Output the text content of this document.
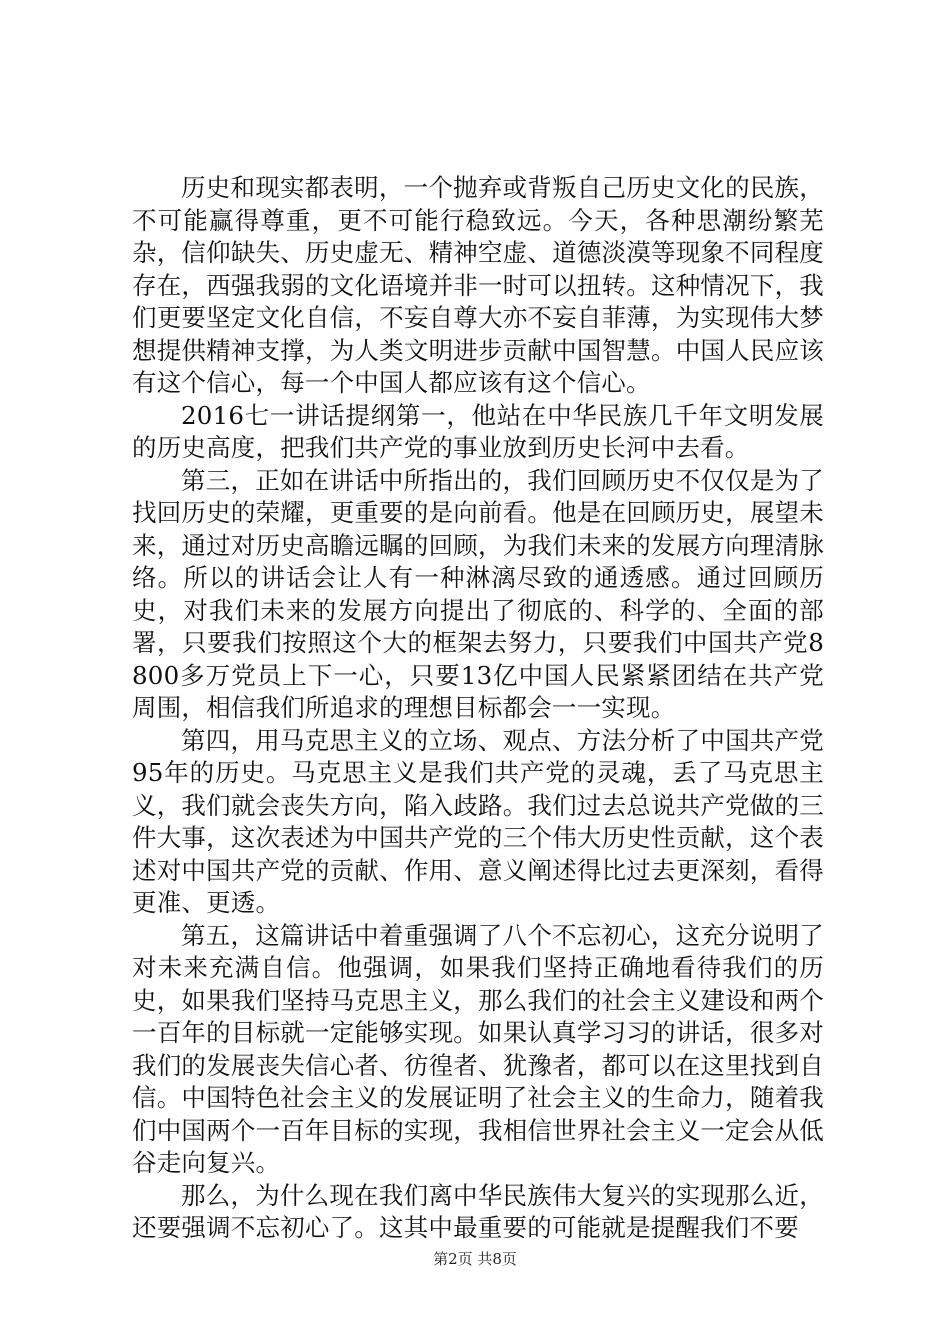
历史和现实都表明，一个抛弃或背叛自己历史文化的民族，不可能赢得尊重，更不可能行稳致远。今天，各种思潮纷繁芜杂，信仰缺失、历史虚无、精神空虚、道德淡漠等现象不同程度存在，西强我弱的文化语境并非一时可以扭转。这种情况下，我们更要坚定文化自信，不妄自尊大亦不妄自菲薄，为实现伟大梦想提供精神支撑，为人类文明进步贡献中国智慧。中国人民应该有这个信心，每一个中国人都应该有这个信心。

2016七一讲话提纲第一，他站在中华民族几千年文明发展的历史高度，把我们共产党的事业放到历史长河中去看。

第三，正如在讲话中所指出的，我们回顾历史不仅仅是为了找回历史的荣耀，更重要的是向前看。他是在回顾历史，展望未来，通过对历史高瞻远瞩的回顾，为我们未来的发展方向理清脉络。所以的讲话会让人有一种淋漓尽致的通透感。通过回顾历史，对我们未来的发展方向提出了彻底的、科学的、全面的部署，只要我们按照这个大的框架去努力，只要我们中国共产党8800多万党员上下一心，只要13亿中国人民紧紧团结在共产党周围，相信我们所追求的理想目标都会一一实现。

第四，用马克思主义的立场、观点、方法分析了中国共产党95年的历史。马克思主义是我们共产党的灵魂，丢了马克思主义，我们就会丧失方向，陷入歧路。我们过去总说共产党做的三件大事，这次表述为中国共产党的三个伟大历史性贡献，这个表述对中国共产党的贡献、作用、意义阐述得比过去更深刻，看得更准、更透。

第五，这篇讲话中着重强调了八个不忘初心，这充分说明了对未来充满自信。他强调，如果我们坚持正确地看待我们的历史，如果我们坚持马克思主义，那么我们的社会主义建设和两个一百年的目标就一定能够实现。如果认真学习习的讲话，很多对我们的发展丧失信心者、彷徨者、犹豫者，都可以在这里找到自信。中国特色社会主义的发展证明了社会主义的生命力，随着我们中国两个一百年目标的实现，我相信世界社会主义一定会从低谷走向复兴。

那么，为什么现在我们离中华民族伟大复兴的实现那么近，还要强调不忘初心了。这其中最重要的可能就是提醒我们不要

第2页 共8页
